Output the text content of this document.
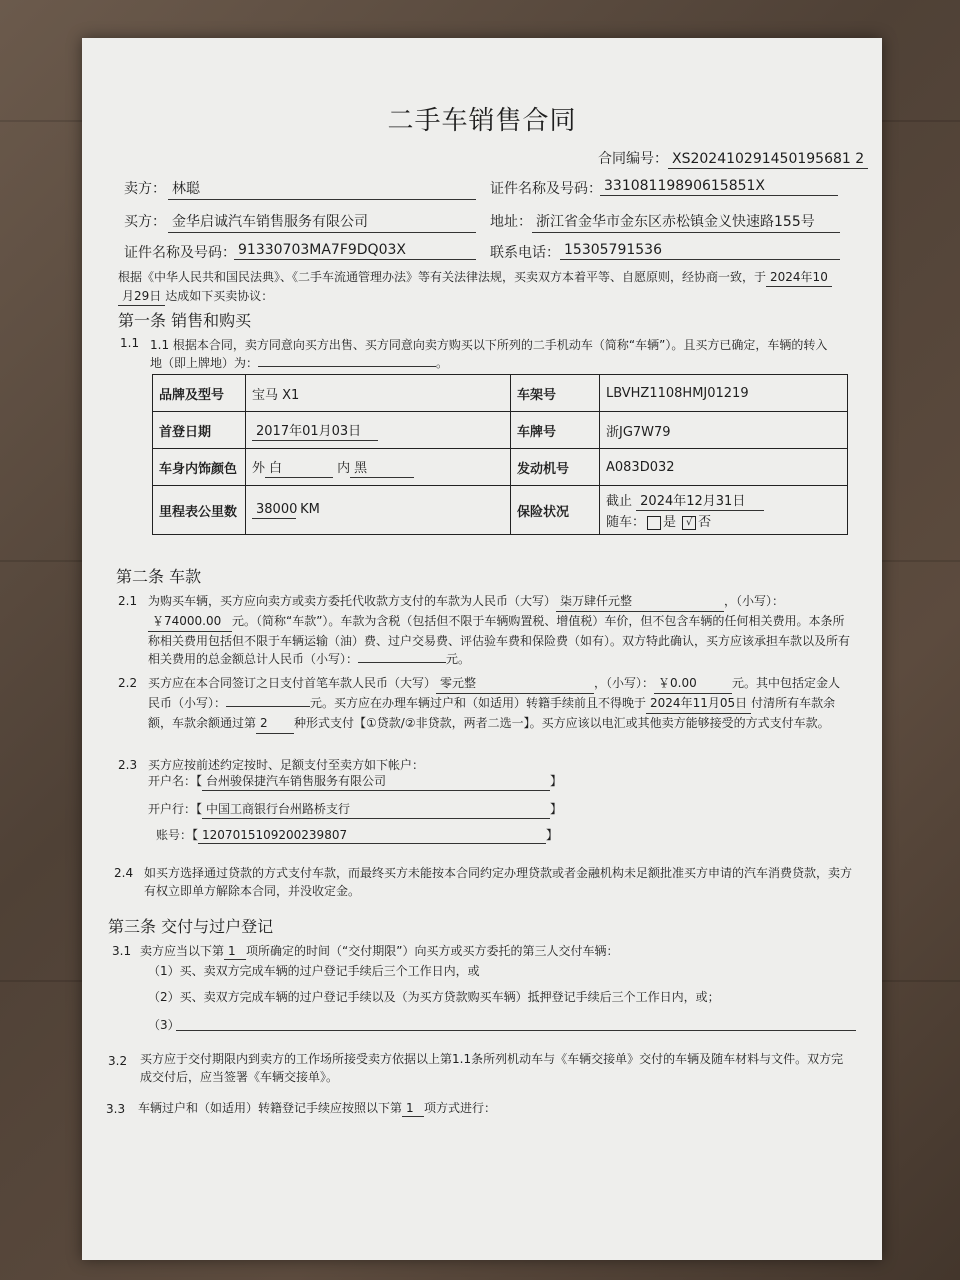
二手车销售合同
合同编号： XS202410291450195681 2
卖方： 林聪	证件名称及号码： 33108119890615851X
买方： 金华启诚汽车销售服务有限公司	地址： 浙江省金华市金东区赤松镇金义快速路155号
证件名称及号码： 91330703MA7F9DQ03X	联系电话： 15305791536
根据《中华人民共和国民法典》、《二手车流通管理办法》等有关法律法规，买卖双方本着平等、自愿原则，经协商一致，于 2024年10
月29日 达成如下买卖协议：
第一条 销售和购买
1.1 1.1 根据本合同，卖方同意向买方出售、买方同意向卖方购买以下所列的二手机动车（简称“车辆”）。且买方已确定，车辆的转入
地（即上牌地）为：	。
品牌及型号	宝马 X1	车架号	LBVHZ1108HMJ01219
首登日期	2017年01月03日	车牌号	浙JG7W79
车身内饰颜色	外 白 内 黑	发动机号	A083D032
里程表公里数	38000 KM	保险状况	截止 2024年12月31日
随车： 是 √ 否
第二条 车款
2.1 为购买车辆，买方应向卖方或卖方委托代收款方支付的车款为人民币（大写） 柒万肆仟元整	，（小写）：￥74000.00 元。（简称“车款”）。车款为含税（包括但不限于车辆购置税、增值税）车价，但不包含车辆的任何相关费用。本条所称相关费用包括但不限于车辆运输（油）费、过户交易费、评估验车费和保险费（如有）。双方特此确认，买方应该承担车款以及所有相关费用的总金额总计人民币（小写）：	元。
2.2 买方应在本合同签订之日支付首笔车款人民币（大写） 零元整	，（小写）： ￥0.00	元。其中包括定金人民币（小写）：	元。买方应在办理车辆过户和（如适用）转籍手续前且不得晚于 2024年11月05日 付清所有车款余额，车款余额通过第 2 种形式支付【①贷款/②非贷款，两者二选一】。买方应该以电汇或其他卖方能够接受的方式支付车款。
2.3 买方应按前述约定按时、足额支付至卖方如下帐户：
开户名：【 台州骏保捷汽车销售服务有限公司	】
开户行：【 中国工商银行台州路桥支行	】
账号：【 1207015109200239807	】
2.4 如买方选择通过贷款的方式支付车款，而最终买方未能按本合同约定办理贷款或者金融机构未足额批准买方申请的汽车消费贷款，卖方有权立即单方解除本合同，并没收定金。
第三条 交付与过户登记
3.1 卖方应当以下第 1 项所确定的时间（“交付期限”）向买方或买方委托的第三人交付车辆：
（1）买、卖双方完成车辆的过户登记手续后三个工作日内，或
（2）买、卖双方完成车辆的过户登记手续以及（为买方贷款购买车辆）抵押登记手续后三个工作日内，或；
（3）
3.2 买方应于交付期限内到卖方的工作场所接受卖方依据以上第1.1条所列机动车与《车辆交接单》交付的车辆及随车材料与文件。双方完成交付后，应当签署《车辆交接单》。
3.3 车辆过户和（如适用）转籍登记手续应按照以下第 1 项方式进行：
